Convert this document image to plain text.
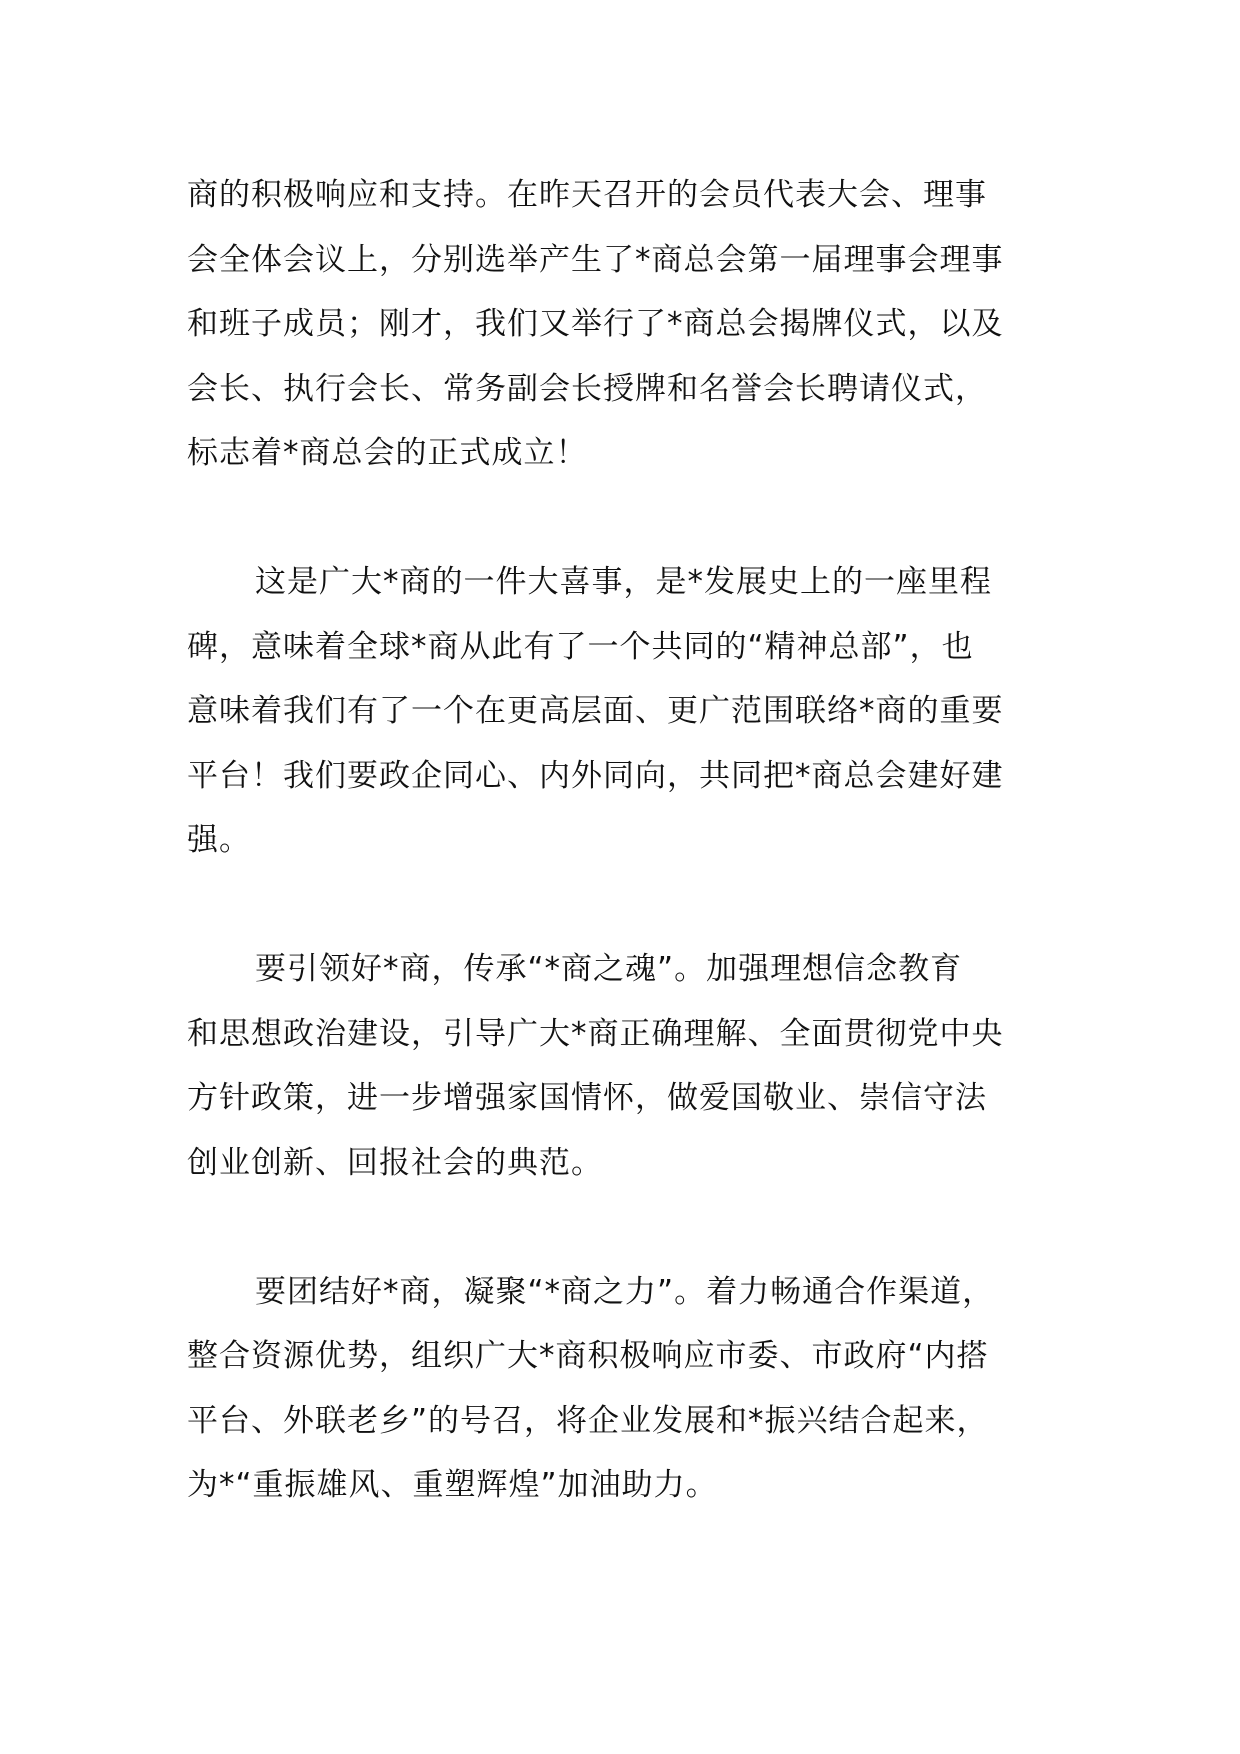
商的积极响应和支持。在昨天召开的会员代表大会、理事
会全体会议上，分别选举产生了*商总会第一届理事会理事
和班子成员；刚才，我们又举行了*商总会揭牌仪式，以及
会长、执行会长、常务副会长授牌和名誉会长聘请仪式，
标志着*商总会的正式成立！

这是广大*商的一件大喜事，是*发展史上的一座里程
碑，意味着全球*商从此有了一个共同的“精神总部”，也
意味着我们有了一个在更高层面、更广范围联络*商的重要
平台！我们要政企同心、内外同向，共同把*商总会建好建
强。

要引领好*商，传承“*商之魂”。加强理想信念教育
和思想政治建设，引导广大*商正确理解、全面贯彻党中央
方针政策，进一步增强家国情怀，做爱国敬业、崇信守法
创业创新、回报社会的典范。

要团结好*商，凝聚“*商之力”。着力畅通合作渠道，
整合资源优势，组织广大*商积极响应市委、市政府“内搭
平台、外联老乡”的号召，将企业发展和*振兴结合起来，
为*“重振雄风、重塑辉煌”加油助力。
